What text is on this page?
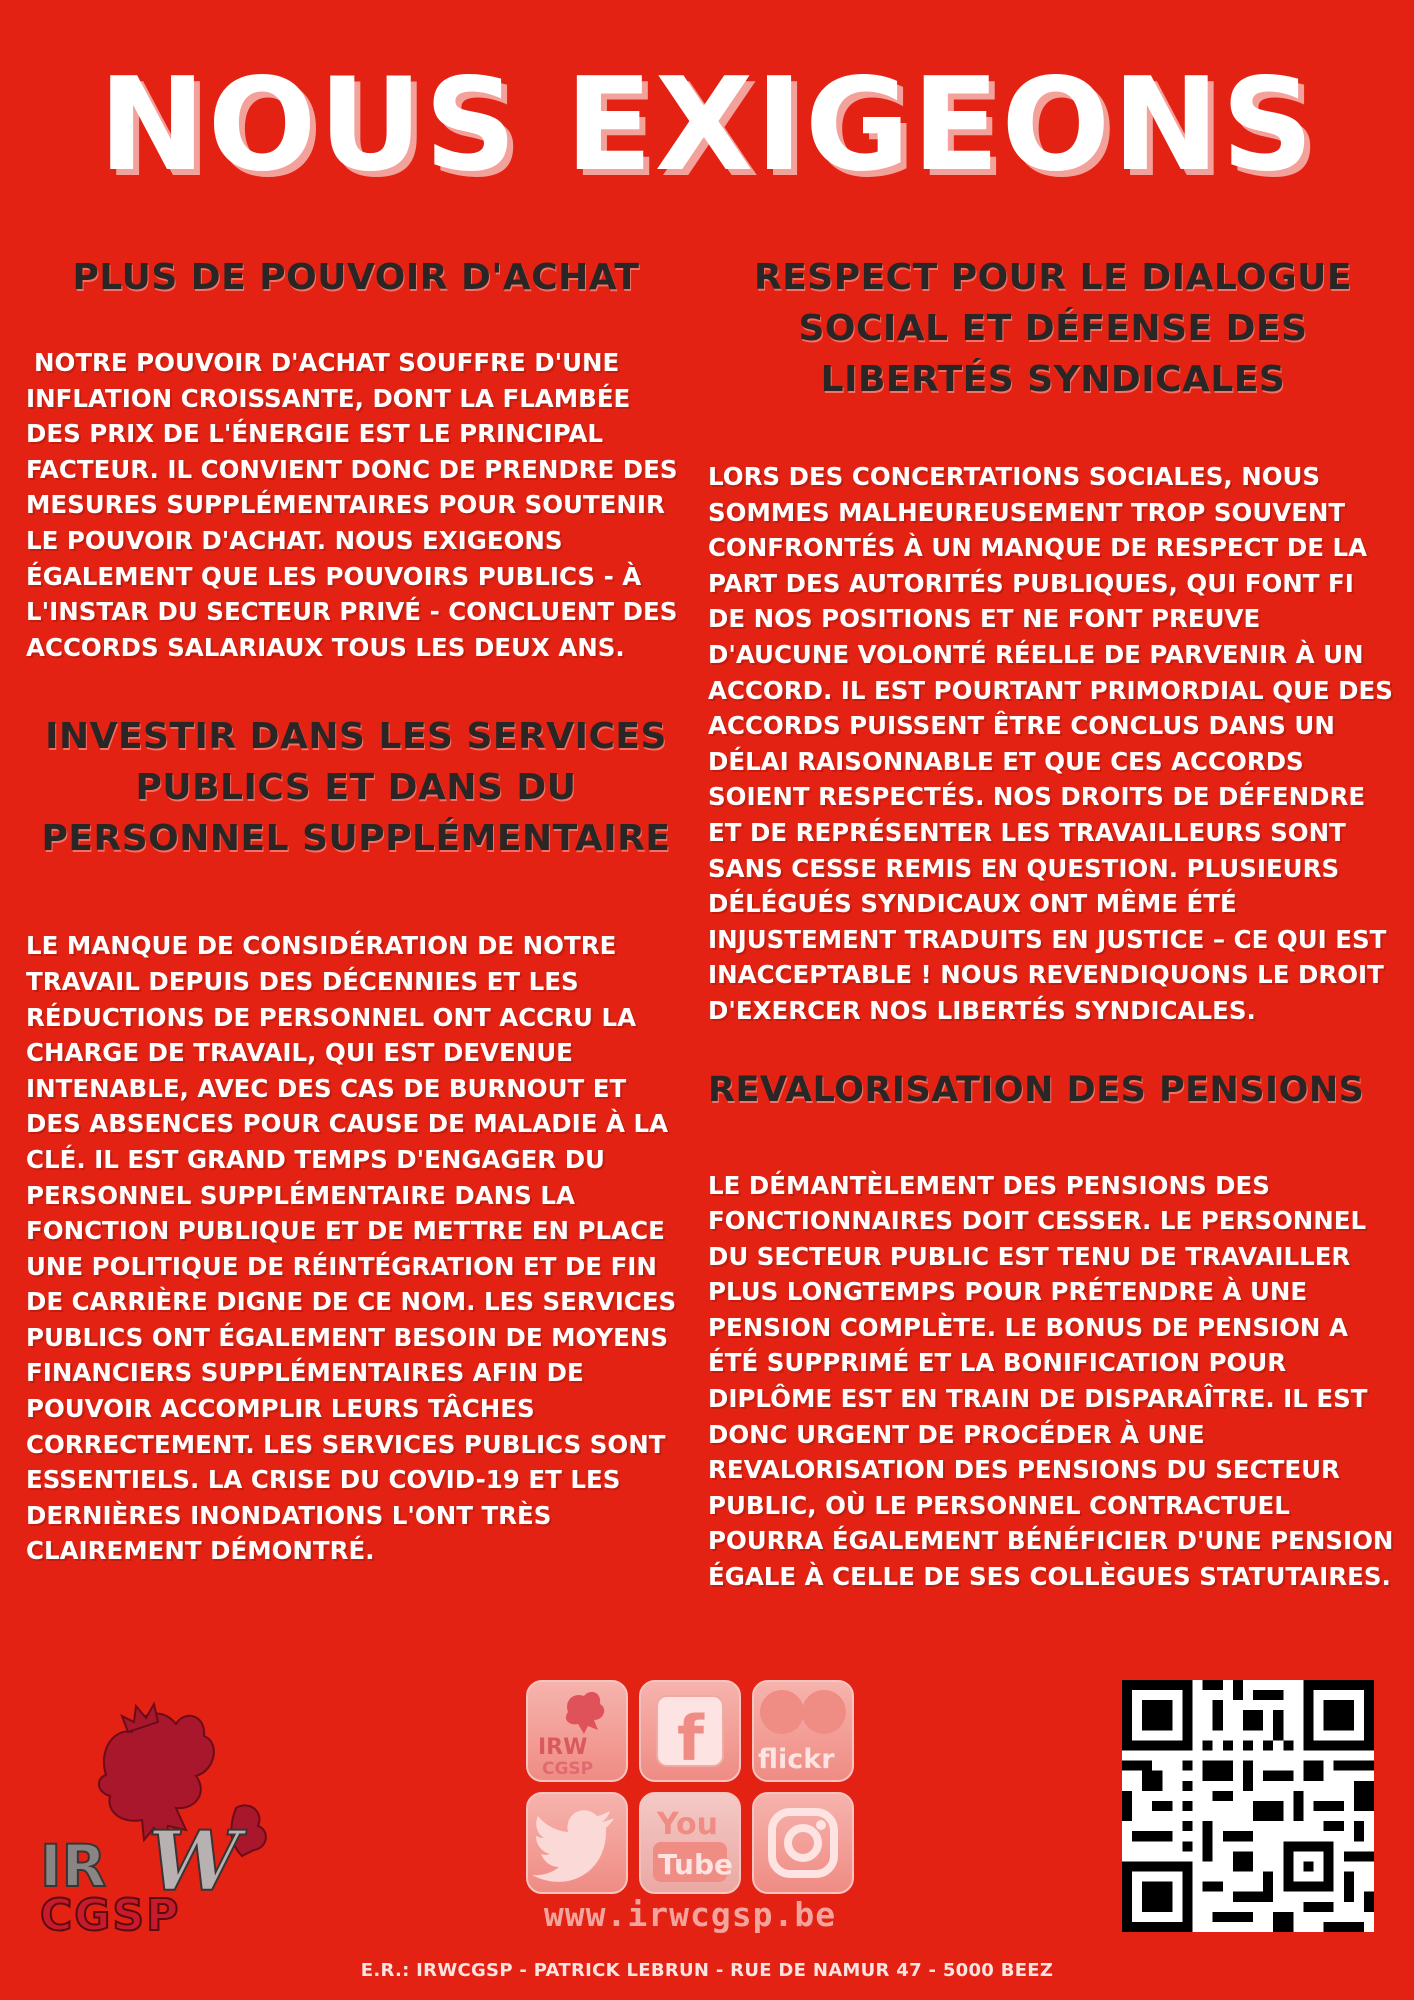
NOUS EXIGEONS
PLUS DE POUVOIR D'ACHAT

NOTRE POUVOIR D'ACHAT SOUFFRE D'UNE INFLATION CROISSANTE, DONT LA FLAMBÉE DES PRIX DE L'ÉNERGIE EST LE PRINCIPAL FACTEUR. IL CONVIENT DONC DE PRENDRE DES MESURES SUPPLÉMENTAIRES POUR SOUTENIR LE POUVOIR D'ACHAT. NOUS EXIGEONS ÉGALEMENT QUE LES POUVOIRS PUBLICS - À L'INSTAR DU SECTEUR PRIVÉ - CONCLUENT DES ACCORDS SALARIAUX TOUS LES DEUX ANS.

INVESTIR DANS LES SERVICES PUBLICS ET DANS DU PERSONNEL SUPPLÉMENTAIRE

LE MANQUE DE CONSIDÉRATION DE NOTRE TRAVAIL DEPUIS DES DÉCENNIES ET LES RÉDUCTIONS DE PERSONNEL ONT ACCRU LA CHARGE DE TRAVAIL, QUI EST DEVENUE INTENABLE, AVEC DES CAS DE BURNOUT ET DES ABSENCES POUR CAUSE DE MALADIE À LA CLÉ. IL EST GRAND TEMPS D'ENGAGER DU PERSONNEL SUPPLÉMENTAIRE DANS LA FONCTION PUBLIQUE ET DE METTRE EN PLACE UNE POLITIQUE DE RÉINTÉGRATION ET DE FIN DE CARRIÈRE DIGNE DE CE NOM. LES SERVICES PUBLICS ONT ÉGALEMENT BESOIN DE MOYENS FINANCIERS SUPPLÉMENTAIRES AFIN DE POUVOIR ACCOMPLIR LEURS TÂCHES CORRECTEMENT. LES SERVICES PUBLICS SONT ESSENTIELS. LA CRISE DU COVID-19 ET LES DERNIÈRES INONDATIONS L'ONT TRÈS CLAIREMENT DÉMONTRÉ.

RESPECT POUR LE DIALOGUE SOCIAL ET DÉFENSE DES LIBERTÉS SYNDICALES

LORS DES CONCERTATIONS SOCIALES, NOUS SOMMES MALHEUREUSEMENT TROP SOUVENT CONFRONTÉS À UN MANQUE DE RESPECT DE LA PART DES AUTORITÉS PUBLIQUES, QUI FONT FI DE NOS POSITIONS ET NE FONT PREUVE D'AUCUNE VOLONTÉ RÉELLE DE PARVENIR À UN ACCORD. IL EST POURTANT PRIMORDIAL QUE DES ACCORDS PUISSENT ÊTRE CONCLUS DANS UN DÉLAI RAISONNABLE ET QUE CES ACCORDS SOIENT RESPECTÉS. NOS DROITS DE DÉFENDRE ET DE REPRÉSENTER LES TRAVAILLEURS SONT SANS CESSE REMIS EN QUESTION. PLUSIEURS DÉLÉGUÉS SYNDICAUX ONT MÊME ÉTÉ INJUSTEMENT TRADUITS EN JUSTICE – CE QUI EST INACCEPTABLE ! NOUS REVENDIQUONS LE DROIT D'EXERCER NOS LIBERTÉS SYNDICALES.

REVALORISATION DES PENSIONS

LE DÉMANTÈLEMENT DES PENSIONS DES FONCTIONNAIRES DOIT CESSER. LE PERSONNEL DU SECTEUR PUBLIC EST TENU DE TRAVAILLER PLUS LONGTEMPS POUR PRÉTENDRE À UNE PENSION COMPLÈTE. LE BONUS DE PENSION A ÉTÉ SUPPRIMÉ ET LA BONIFICATION POUR DIPLÔME EST EN TRAIN DE DISPARAÎTRE. IL EST DONC URGENT DE PROCÉDER À UNE REVALORISATION DES PENSIONS DU SECTEUR PUBLIC, OÙ LE PERSONNEL CONTRACTUEL POURRA ÉGALEMENT BÉNÉFICIER D'UNE PENSION ÉGALE À CELLE DE SES COLLÈGUES STATUTAIRES.

IR W
CGSP
IRW
CGSP f flickr
You
Tube
www.irwcgsp.be
E.R.: IRWCGSP - PATRICK LEBRUN - RUE DE NAMUR 47 - 5000 BEEZ
